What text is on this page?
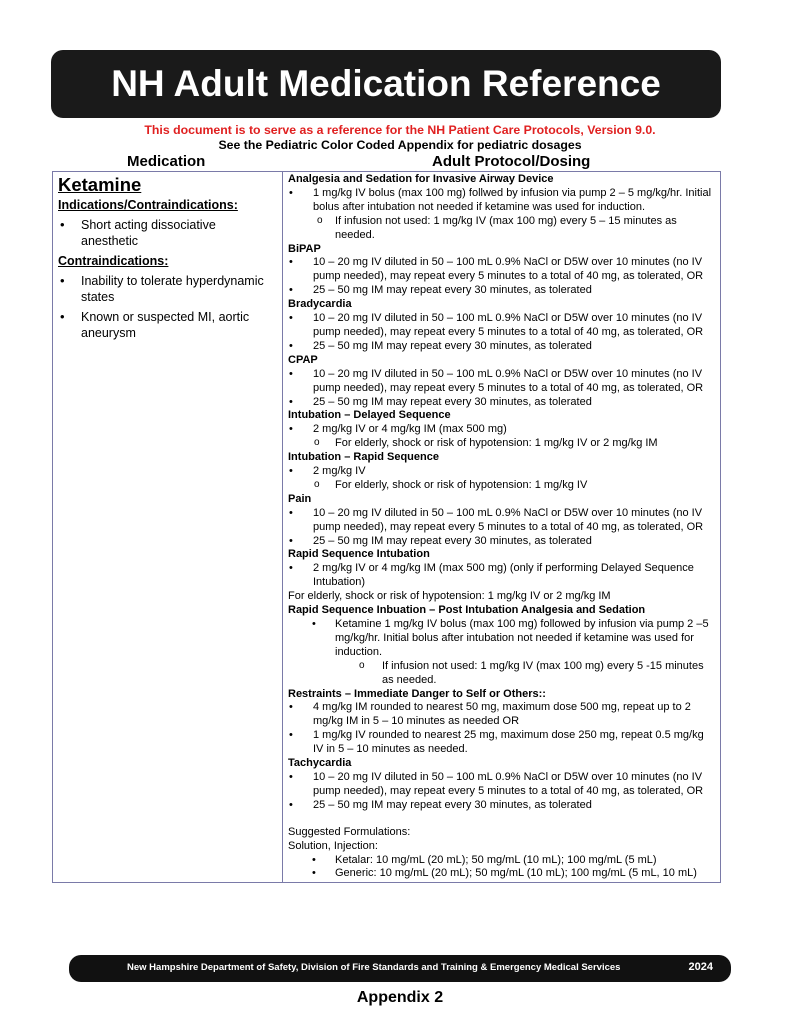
NH Adult Medication Reference
This document is to serve as a reference for the NH Patient Care Protocols, Version 9.0.
See the Pediatric Color Coded Appendix for pediatric dosages
Medication	Adult Protocol/Dosing
Ketamine
Indications/Contraindications:
• Short acting dissociative anesthetic
Contraindications:
• Inability to tolerate hyperdynamic states
• Known or suspected MI, aortic aneurysm

Analgesia and Sedation for Invasive Airway Device
• 1 mg/kg IV bolus (max 100 mg) follwed by infusion via pump 2 – 5 mg/kg/hr. Initial bolus after intubation not needed if ketamine was used for induction.
o If infusion not used: 1 mg/kg IV (max 100 mg) every 5 – 15 minutes as needed.
BiPAP
• 10 – 20 mg IV diluted in 50 – 100 mL 0.9% NaCl or D5W over 10 minutes (no IV pump needed), may repeat every 5 minutes to a total of 40 mg, as tolerated, OR
• 25 – 50 mg IM may repeat every 30 minutes, as tolerated
Bradycardia
• 10 – 20 mg IV diluted in 50 – 100 mL 0.9% NaCl or D5W over 10 minutes (no IV pump needed), may repeat every 5 minutes to a total of 40 mg, as tolerated, OR
• 25 – 50 mg IM may repeat every 30 minutes, as tolerated
CPAP
• 10 – 20 mg IV diluted in 50 – 100 mL 0.9% NaCl or D5W over 10 minutes (no IV pump needed), may repeat every 5 minutes to a total of 40 mg, as tolerated, OR
• 25 – 50 mg IM may repeat every 30 minutes, as tolerated
Intubation – Delayed Sequence
• 2 mg/kg IV or 4 mg/kg IM (max 500 mg)
o For elderly, shock or risk of hypotension: 1 mg/kg IV or 2 mg/kg IM
Intubation – Rapid Sequence
• 2 mg/kg IV
o For elderly, shock or risk of hypotension: 1 mg/kg IV
Pain
• 10 – 20 mg IV diluted in 50 – 100 mL 0.9% NaCl or D5W over 10 minutes (no IV pump needed), may repeat every 5 minutes to a total of 40 mg, as tolerated, OR
• 25 – 50 mg IM may repeat every 30 minutes, as tolerated
Rapid Sequence Intubation
• 2 mg/kg IV or 4 mg/kg IM (max 500 mg) (only if performing Delayed Sequence Intubation)
For elderly, shock or risk of hypotension: 1 mg/kg IV or 2 mg/kg IM
Rapid Sequence Inbuation – Post Intubation Analgesia and Sedation
• Ketamine 1 mg/kg IV bolus (max 100 mg) followed by infusion via pump 2 –5 mg/kg/hr. Initial bolus after intubation not needed if ketamine was used for induction.
o If infusion not used: 1 mg/kg IV (max 100 mg) every 5 -15 minutes as needed.
Restraints – Immediate Danger to Self or Others::
• 4 mg/kg IM rounded to nearest 50 mg, maximum dose 500 mg, repeat up to 2 mg/kg IM in 5 – 10 minutes as needed OR
• 1 mg/kg IV rounded to nearest 25 mg, maximum dose 250 mg, repeat 0.5 mg/kg IV in 5 – 10 minutes as needed.
Tachycardia
• 10 – 20 mg IV diluted in 50 – 100 mL 0.9% NaCl or D5W over 10 minutes (no IV pump needed), may repeat every 5 minutes to a total of 40 mg, as tolerated, OR
• 25 – 50 mg IM may repeat every 30 minutes, as tolerated
Suggested Formulations:
Solution, Injection:
• Ketalar: 10 mg/mL (20 mL); 50 mg/mL (10 mL); 100 mg/mL (5 mL)
• Generic: 10 mg/mL (20 mL); 50 mg/mL (10 mL); 100 mg/mL (5 mL, 10 mL)
New Hampshire Department of Safety, Division of Fire Standards and Training & Emergency Medical Services	2024
Appendix 2
